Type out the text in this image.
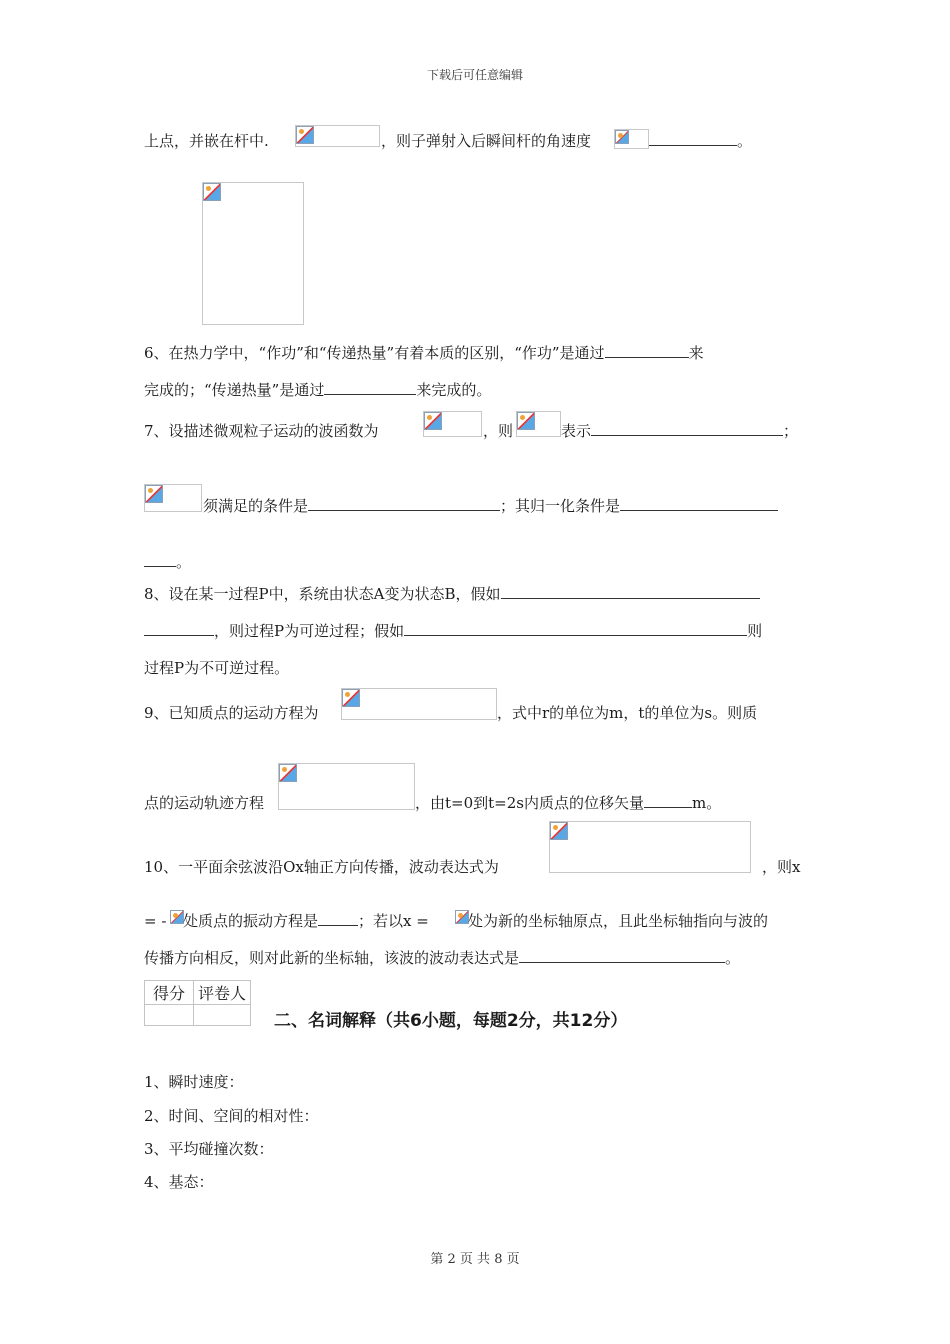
下载后可任意编辑
上点，并嵌在杆中.	，则子弹射入后瞬间杆的角速度	。
6、在热力学中，“作功”和“传递热量”有着本质的区别，“作功”是通过	来
完成的；“传递热量”是通过	来完成的。
7、设描述微观粒子运动的波函数为	，则	表示	；
须满足的条件是	；其归一化条件是
。
8、设在某一过程P中，系统由状态A变为状态B，假如
，则过程P为可逆过程；假如	则
过程P为不可逆过程。
9、已知质点的运动方程为	，式中r的单位为m，t的单位为s。则质
点的运动轨迹方程	，由t=0到t=2s内质点的位移矢量	m。
10、一平面余弦波沿Ox轴正方向传播，波动表达式为	，则x
= - 处质点的振动方程是	；若以x =	处为新的坐标轴原点，且此坐标轴指向与波的
传播方向相反，则对此新的坐标轴，该波的波动表达式是	。
得分	评卷人

二、名词解释（共6小题，每题2分，共12分）
1、瞬时速度：
2、时间、空间的相对性：
3、平均碰撞次数：
4、基态：
第 2 页 共 8 页
